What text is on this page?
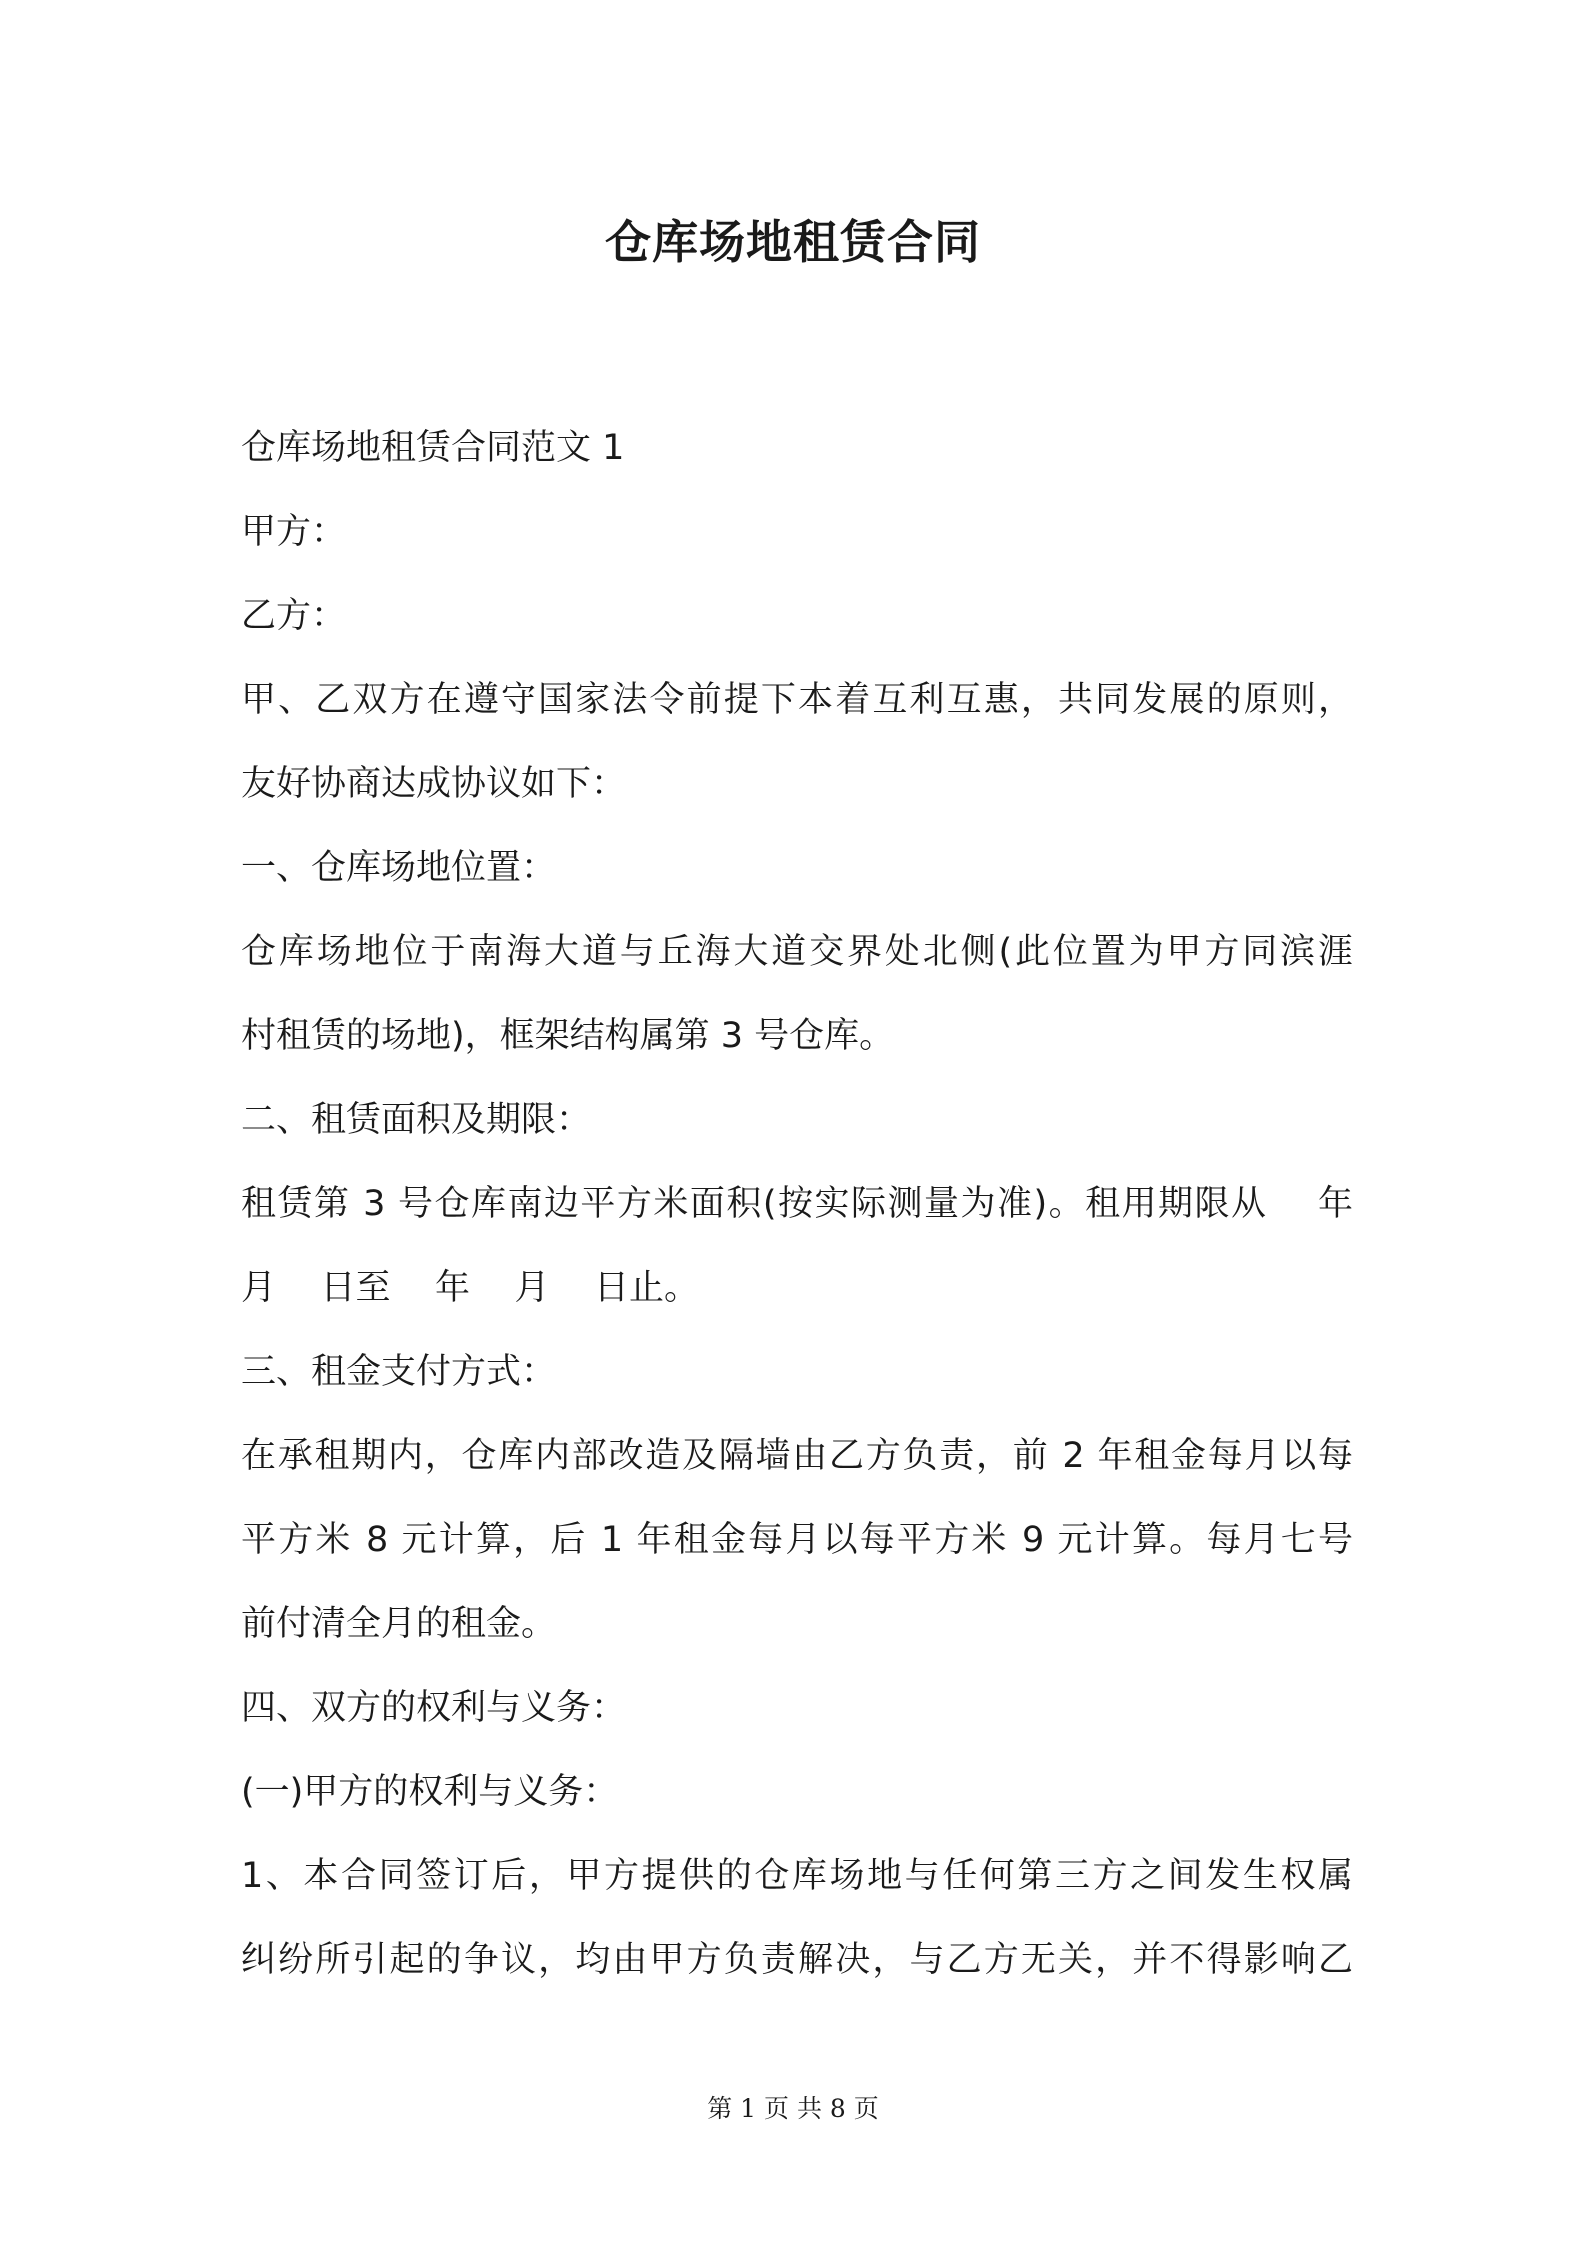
仓库场地租赁合同
仓库场地租赁合同范文 1
甲方：
乙方：
甲、乙双方在遵守国家法令前提下本着互利互惠，共同发展的原则，
友好协商达成协议如下：
一、仓库场地位置：
仓库场地位于南海大道与丘海大道交界处北侧(此位置为甲方同滨涯
村租赁的场地)，框架结构属第 3 号仓库。
二、租赁面积及期限：
租赁第 3 号仓库南边平方米面积(按实际测量为准)。租用期限从    年
月    日至    年    月    日止。
三、租金支付方式：
在承租期内，仓库内部改造及隔墙由乙方负责，前 2 年租金每月以每
平方米 8 元计算，后 1 年租金每月以每平方米 9 元计算。每月七号
前付清全月的租金。
四、双方的权利与义务：
(一)甲方的权利与义务：
1、本合同签订后，甲方提供的仓库场地与任何第三方之间发生权属
纠纷所引起的争议，均由甲方负责解决，与乙方无关，并不得影响乙
第 1 页 共 8 页
